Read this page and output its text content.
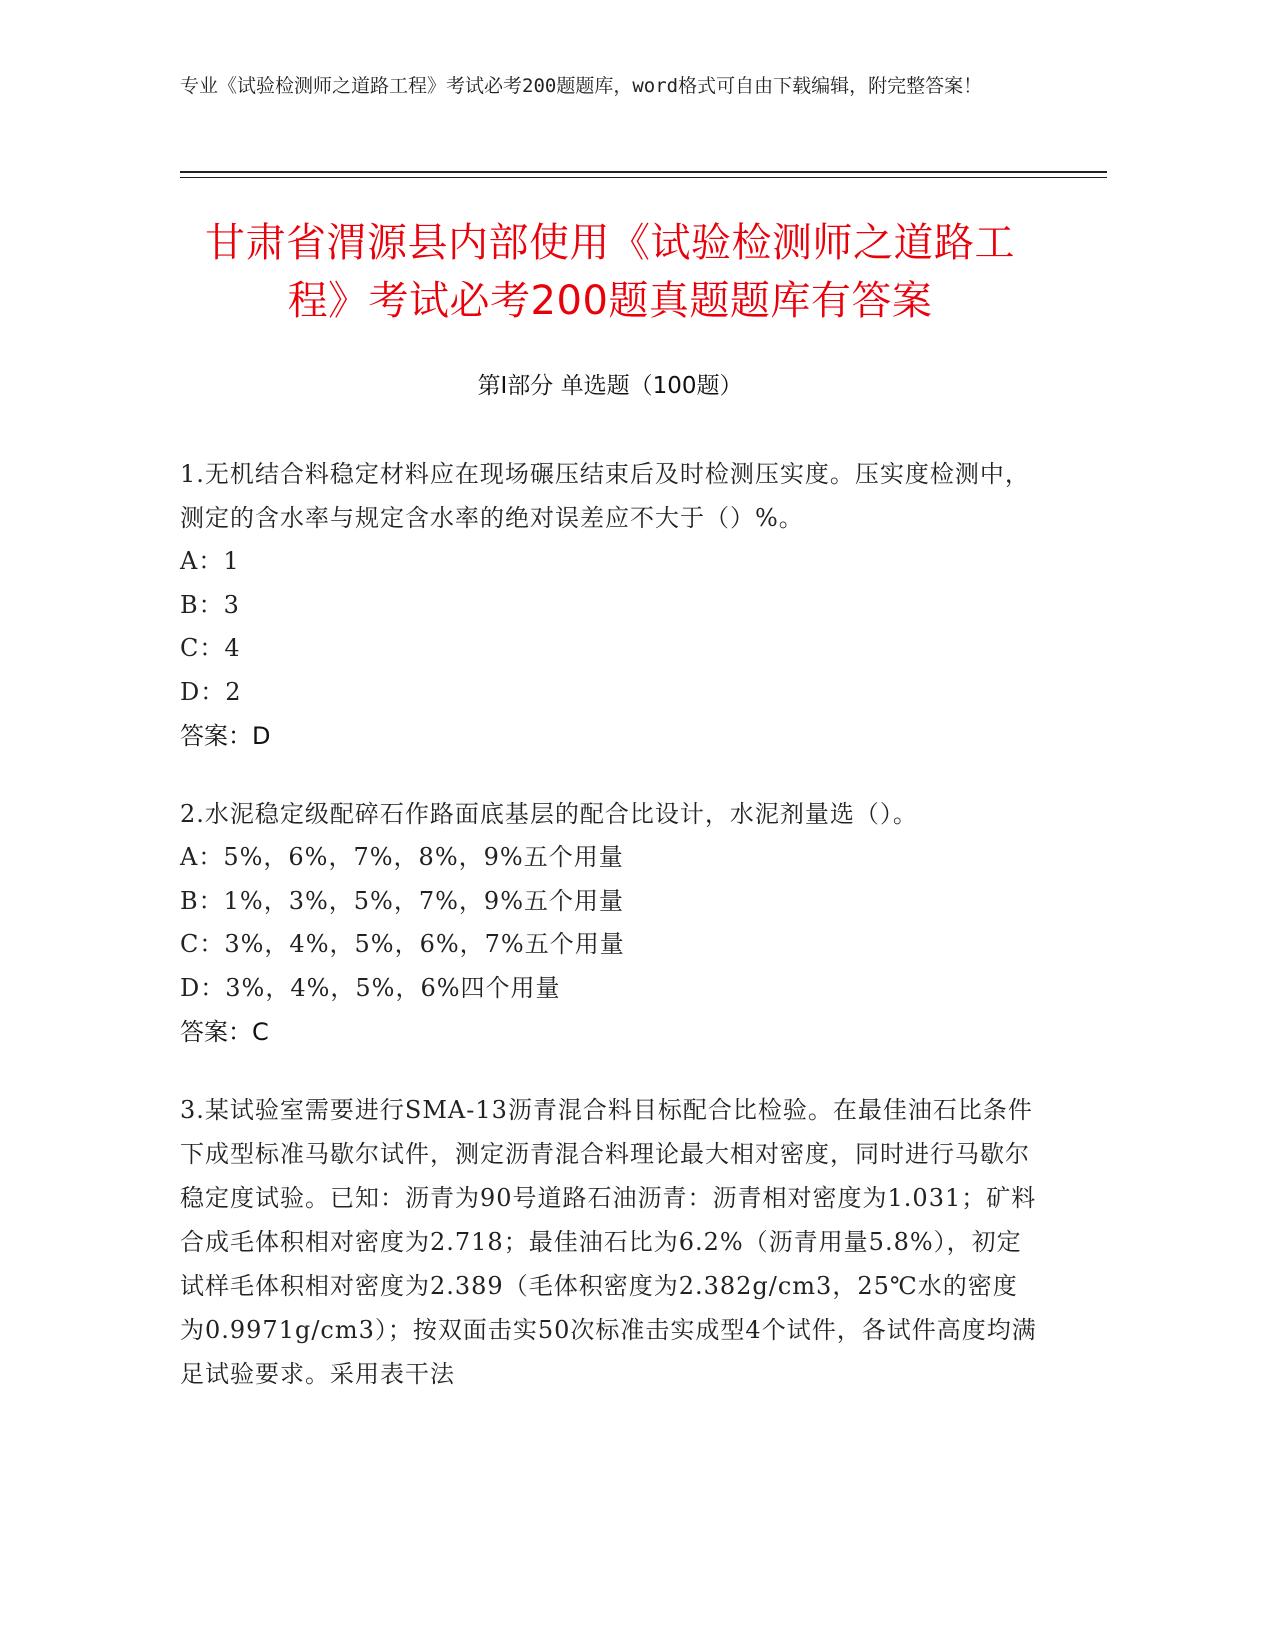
专业《试验检测师之道路工程》考试必考200题题库，word格式可自由下载编辑，附完整答案！
甘肃省渭源县内部使用《试验检测师之道路工程》考试必考200题真题题库有答案
第I部分 单选题（100题）
1.无机结合料稳定材料应在现场碾压结束后及时检测压实度。压实度检测中，测定的含水率与规定含水率的绝对误差应不大于（）%。
A：1
B：3
C：4
D：2
答案：D
2.水泥稳定级配碎石作路面底基层的配合比设计，水泥剂量选（）。
A：5%，6%，7%，8%，9%五个用量
B：1%，3%，5%，7%，9%五个用量
C：3%，4%，5%，6%，7%五个用量
D：3%，4%，5%，6%四个用量
答案：C
3.某试验室需要进行SMA-13沥青混合料目标配合比检验。在最佳油石比条件下成型标准马歇尔试件，测定沥青混合料理论最大相对密度，同时进行马歇尔稳定度试验。已知：沥青为90号道路石油沥青：沥青相对密度为1.031；矿料合成毛体积相对密度为2.718；最佳油石比为6.2%（沥青用量5.8%），初定试样毛体积相对密度为2.389（毛体积密度为2.382g/cm3，25℃水的密度为0.9971g/cm3）；按双面击实50次标准击实成型4个试件，各试件高度均满足试验要求。采用表干法
